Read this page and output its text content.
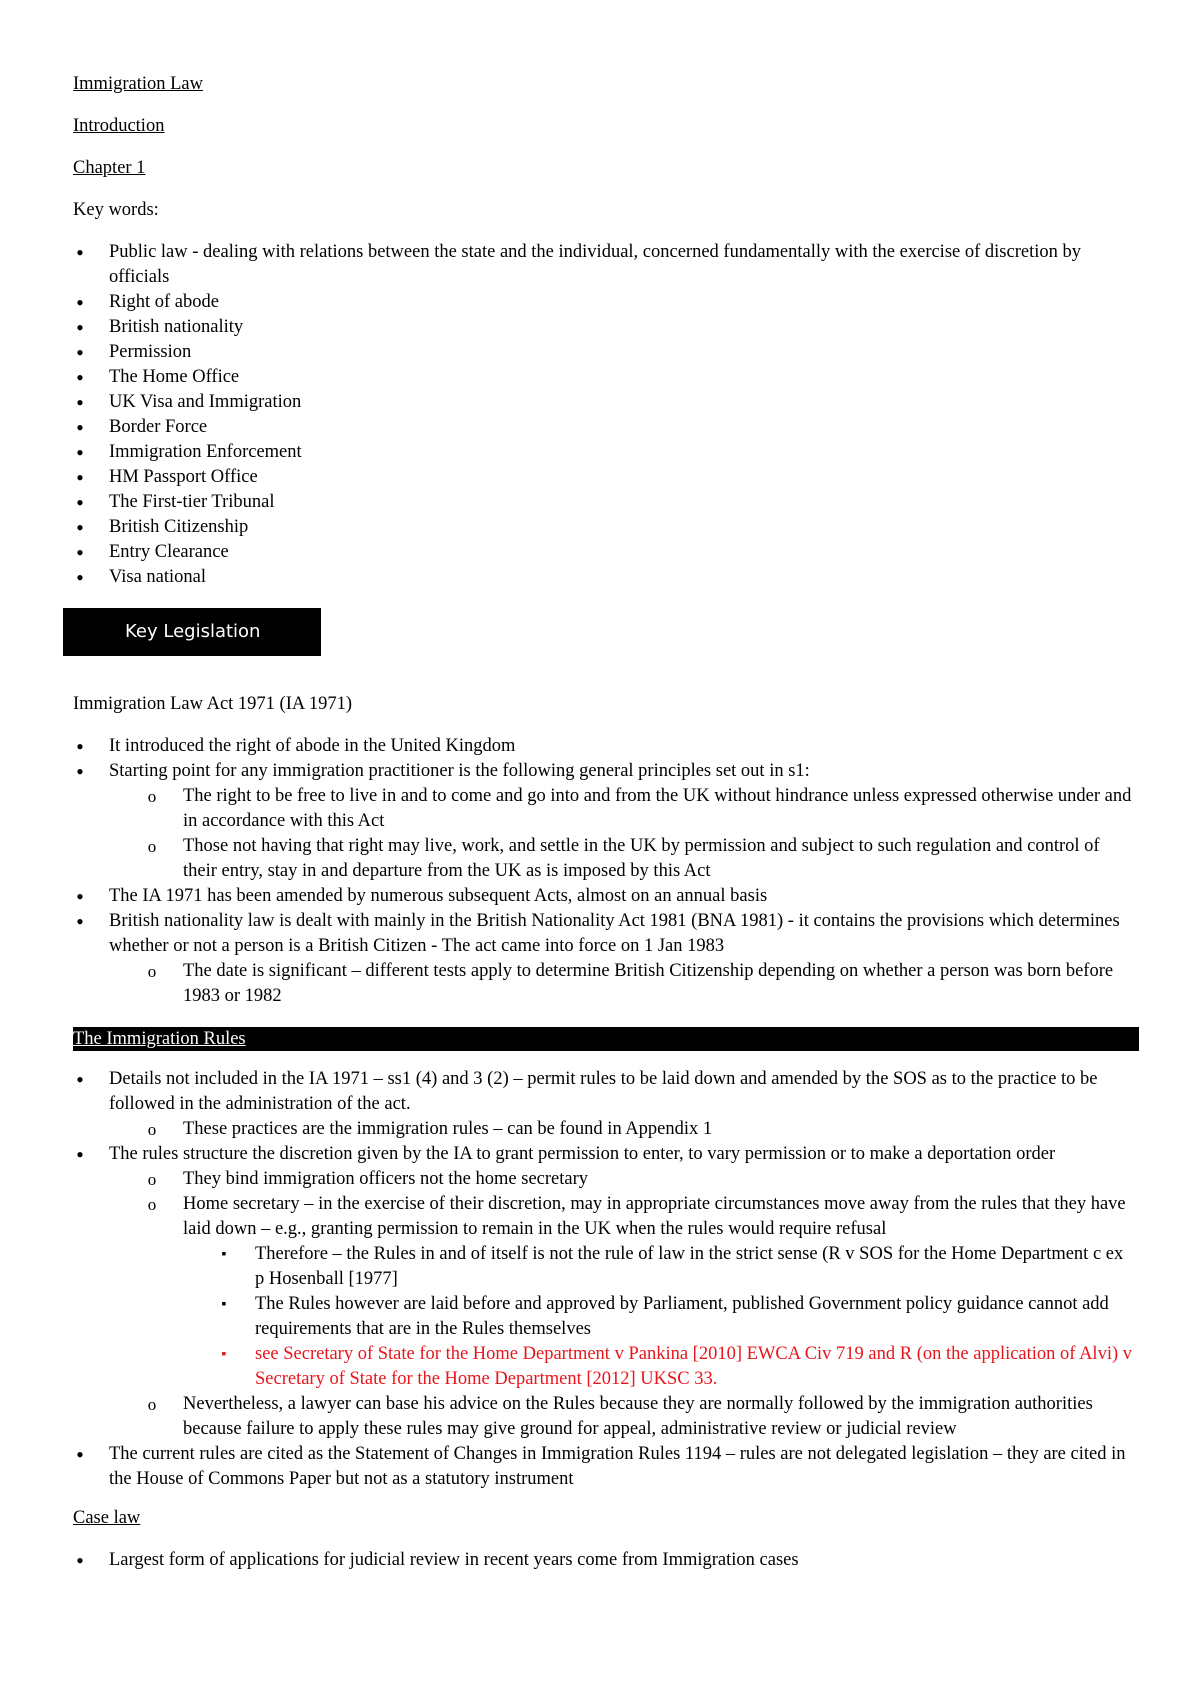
Immigration Law
Introduction
Chapter 1
Key words:
• Public law - dealing with relations between the state and the individual, concerned fundamentally with the exercise of discretion by officials
• Right of abode
• British nationality
• Permission
• The Home Office
• UK Visa and Immigration
• Border Force
• Immigration Enforcement
• HM Passport Office
• The First-tier Tribunal
• British Citizenship
• Entry Clearance
• Visa national
Key Legislation
Immigration Law Act 1971 (IA 1971)
• It introduced the right of abode in the United Kingdom
• Starting point for any immigration practitioner is the following general principles set out in s1:
o The right to be free to live in and to come and go into and from the UK without hindrance unless expressed otherwise under and in accordance with this Act
o Those not having that right may live, work, and settle in the UK by permission and subject to such regulation and control of their entry, stay in and departure from the UK as is imposed by this Act
• The IA 1971 has been amended by numerous subsequent Acts, almost on an annual basis
• British nationality law is dealt with mainly in the British Nationality Act 1981 (BNA 1981) - it contains the provisions which determines whether or not a person is a British Citizen - The act came into force on 1 Jan 1983
o The date is significant – different tests apply to determine British Citizenship depending on whether a person was born before 1983 or 1982
The Immigration Rules
• Details not included in the IA 1971 – ss1 (4) and 3 (2) – permit rules to be laid down and amended by the SOS as to the practice to be followed in the administration of the act.
o These practices are the immigration rules – can be found in Appendix 1
• The rules structure the discretion given by the IA to grant permission to enter, to vary permission or to make a deportation order
o They bind immigration officers not the home secretary
o Home secretary – in the exercise of their discretion, may in appropriate circumstances move away from the rules that they have laid down – e.g., granting permission to remain in the UK when the rules would require refusal
▪ Therefore – the Rules in and of itself is not the rule of law in the strict sense (R v SOS for the Home Department c ex p Hosenball [1977]
▪ The Rules however are laid before and approved by Parliament, published Government policy guidance cannot add requirements that are in the Rules themselves
▪ see Secretary of State for the Home Department v Pankina [2010] EWCA Civ 719 and R (on the application of Alvi) v Secretary of State for the Home Department [2012] UKSC 33.
o Nevertheless, a lawyer can base his advice on the Rules because they are normally followed by the immigration authorities because failure to apply these rules may give ground for appeal, administrative review or judicial review
• The current rules are cited as the Statement of Changes in Immigration Rules 1194 – rules are not delegated legislation – they are cited in the House of Commons Paper but not as a statutory instrument
Case law
• Largest form of applications for judicial review in recent years come from Immigration cases
